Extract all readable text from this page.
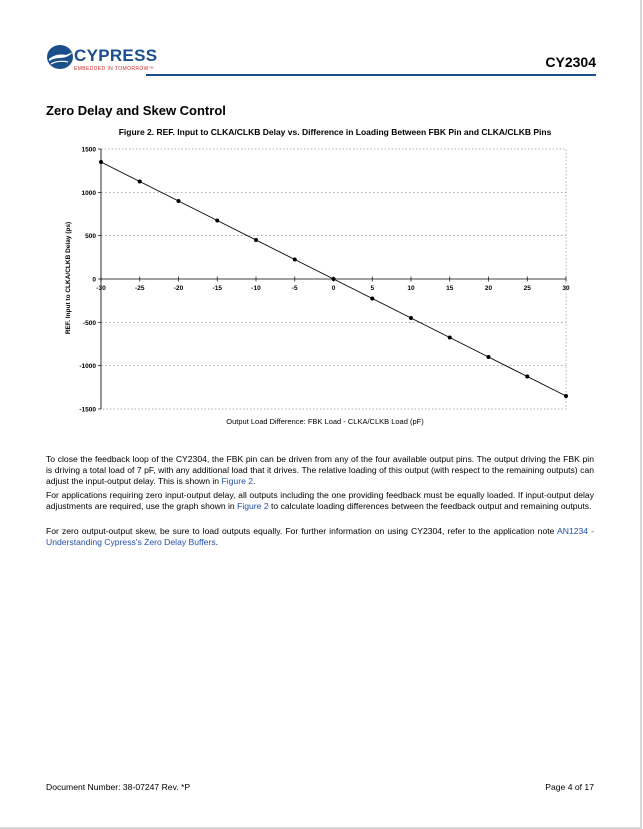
CYPRESS
EMBEDDED IN TOMORROW™	CY2304
Zero Delay and Skew Control
Figure 2. REF. Input to CLKA/CLKB Delay vs. Difference in Loading Between FBK Pin and CLKA/CLKB Pins
1500
1000
500
0
-500
-1000
-1500
-30	-25	-20	-15	-10	-5	0	5	10	15	20	25	30
Output Load Difference: FBK Load - CLKA/CLKB Load (pF)
REF. Input to CLKA/CLKB Delay (ps)

To close the feedback loop of the CY2304, the FBK pin can be driven from any of the four available output pins. The output driving the FBK pin is driving a total load of 7 pF, with any additional load that it drives. The relative loading of this output (with respect to the remaining outputs) can adjust the input-output delay. This is shown in Figure 2.

For applications requiring zero input-output delay, all outputs including the one providing feedback must be equally loaded. If input-output delay adjustments are required, use the graph shown in Figure 2 to calculate loading differences between the feedback output and remaining outputs.

For zero output-output skew, be sure to load outputs equally. For further information on using CY2304, refer to the application note AN1234 - Understanding Cypress's Zero Delay Buffers.

Document Number: 38-07247 Rev. *P	Page 4 of 17
